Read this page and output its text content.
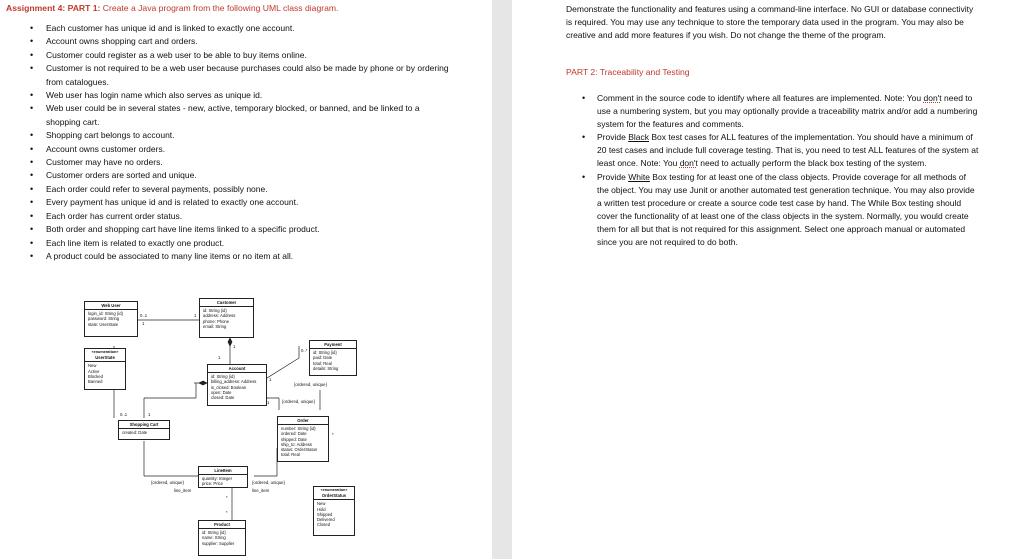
Assignment 4: PART 1: Create a Java program from the following UML class diagram.
• Each customer has unique id and is linked to exactly one account.
• Account owns shopping cart and orders.
• Customer could register as a web user to be able to buy items online.
• Customer is not required to be a web user because purchases could also be made by phone or by ordering from catalogues.
• Web user has login name which also serves as unique id.
• Web user could be in several states - new, active, temporary blocked, or banned, and be linked to a shopping cart.
• Shopping cart belongs to account.
• Account owns customer orders.
• Customer may have no orders.
• Customer orders are sorted and unique.
• Each order could refer to several payments, possibly none.
• Every payment has unique id and is related to exactly one account.
• Each order has current order status.
• Both order and shopping cart have line items linked to a specific product.
• Each line item is related to exactly one product.
• A product could be associated to many line items or no item at all.
Web User
login_id: String {id}
password: String
state: UserState
Customer
id: String {id}
address: Address
phone: Phone
email: String
«enumeration»
UserState
New
Active
Blocked
Banned
Account
id: String {id}
billing_address: Address
is_closed: Boolean
open: Date
closed: Date
Payment
id: String {id}
paid: Date
total: Real
details: String
Shopping Cart
created: Date
Order
number: String {id}
ordered: Date
shipped: Date
ship_to: Address
status: OrderStatus
total: Real
LineItem
quantity: Integer
price: Price
«enumeration»
OrderStatus
New
Hold
Shipped
Delivered
Closed
Product
id: String {id}
name: String
supplier: Supplier
0..1
1
1
1
1
1
0..*
{ordered, unique}
1	{ordered, unique}
0..1	1
*
{ordered, unique}
line_item
{ordered, unique}
line_item
*
*
Demonstrate the functionality and features using a command-line interface. No GUI or database connectivity is required. You may use any technique to store the temporary data used in the program. You may also be creative and add more features if you wish. Do not change the theme of the program.
PART 2: Traceability and Testing
• Comment in the source code to identify where all features are implemented. Note: You don't need to use a numbering system, but you may optionally provide a traceability matrix and/or add a numbering system for the features and comments.
• Provide Black Box test cases for ALL features of the implementation. You should have a minimum of 20 test cases and include full coverage testing. That is, you need to test ALL features of the system at least once. Note: You don't need to actually perform the black box testing of the system.
• Provide White Box testing for at least one of the class objects. Provide coverage for all methods of the object. You may use Junit or another automated test generation technique. You may also provide a written test procedure or create a source code test case by hand. The While Box testing should cover the functionality of at least one of the class objects in the system. Normally, you would create them for all but that is not required for this assignment. Select one approach manual or automated since you are not required to do both.
